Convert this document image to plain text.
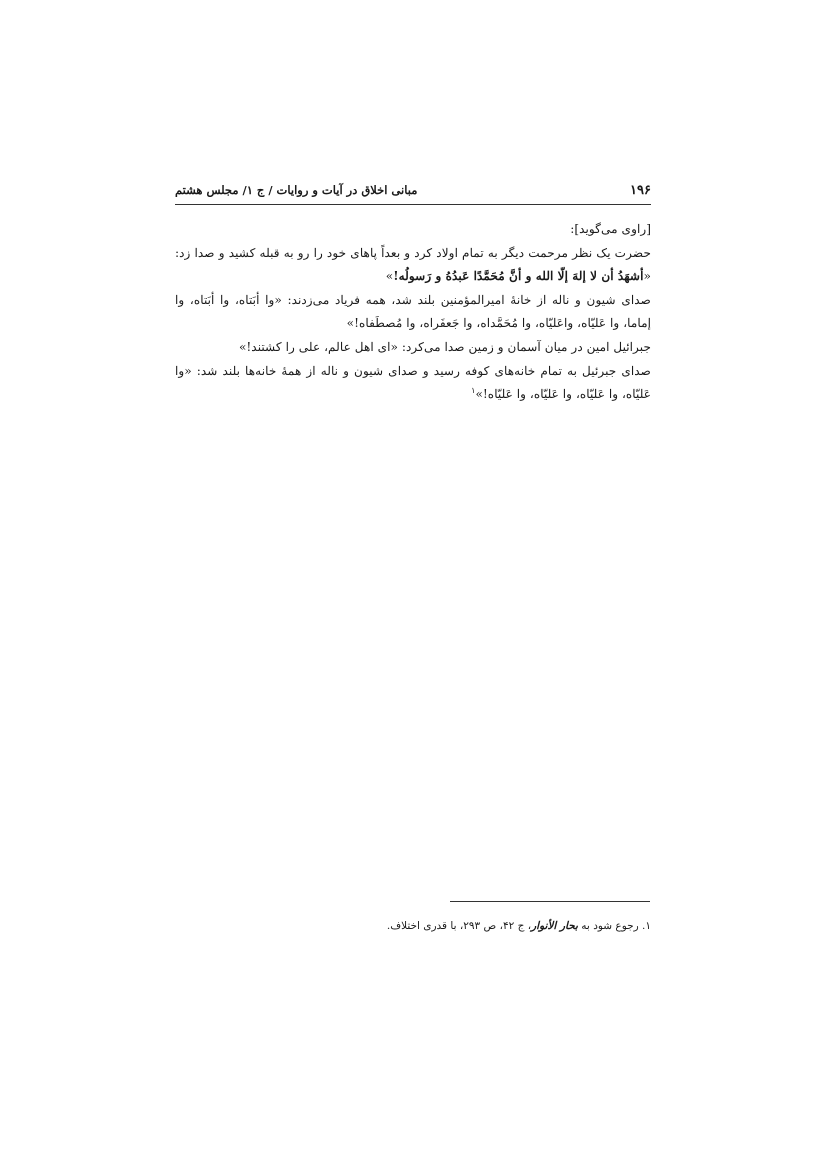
۱۹۶
مبانی اخلاق در آیات و روایات / ج ۱/ مجلس هشتم

[راوی می‌گوید]:

حضرت یک نظر مرحمت دیگر به تمام اولاد کرد و بعداً پاهای خود را رو به قبله کشید و صدا زد: «أشهَدُ أن لا إلهَ إلّا الله و أنَّ مُحَمَّدًا عَبدُهُ و رَسولُه!»

صدای شیون و ناله از خانهٔ امیرالمؤمنین بلند شد، همه فریاد می‌زدند: «وا أبَتاه، وا أبَتاه، وا إماما، وا عَلیّاه، واعَلیّاه، وا مُحَمَّداه، وا جَعفَراه، وا مُصطَفاه!»

جبرائیل امین در میان آسمان و زمین صدا می‌کرد: «ای اهل عالم، علی را کشتند!»

صدای جبرئیل به تمام خانه‌های کوفه رسید و صدای شیون و ناله از همهٔ خانه‌ها بلند شد: «وا عَلیّاه، وا عَلیّاه، وا عَلیّاه، وا عَلیّاه!»$^۱$

۱. رجوع شود به بحار الأنوار، ج ۴۲، ص ۲۹۳، با قدری اختلاف.
